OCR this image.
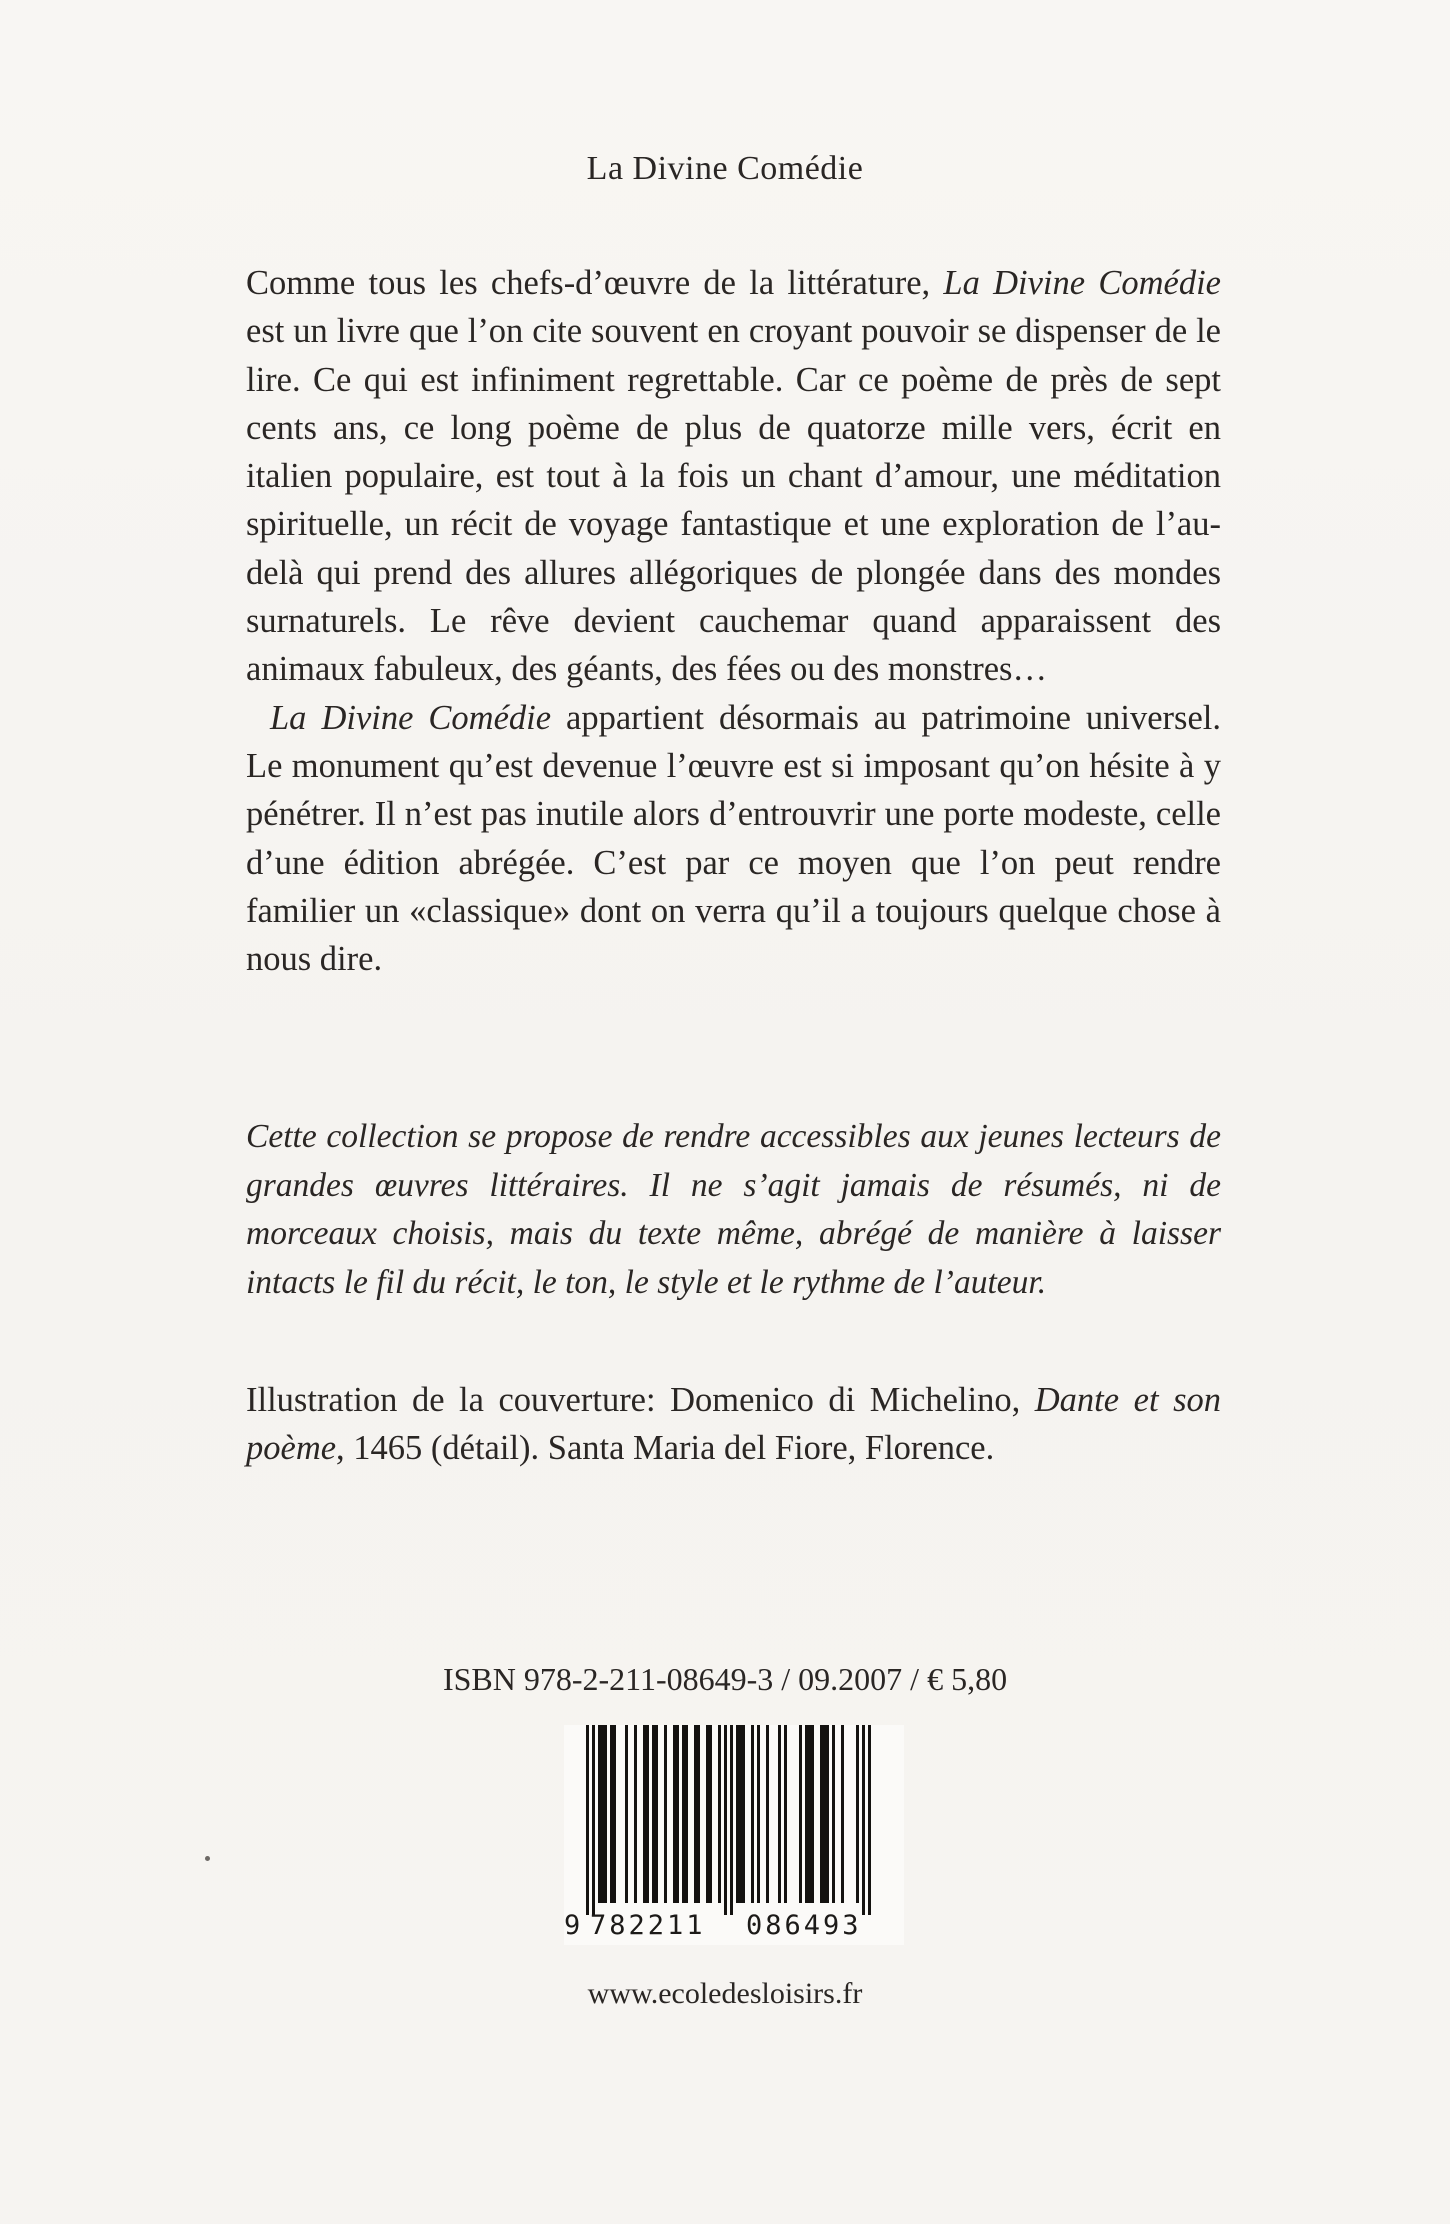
La Divine Comédie

Comme tous les chefs-d’œuvre de la littérature, La Divine Comédie est un livre que l’on cite souvent en croyant pouvoir se dispenser de le lire. Ce qui est infiniment regrettable. Car ce poème de près de sept cents ans, ce long poème de plus de quatorze mille vers, écrit en italien populaire, est tout à la fois un chant d’amour, une méditation spirituelle, un récit de voyage fantastique et une exploration de l’au-delà qui prend des allures allégoriques de plongée dans des mondes surnaturels. Le rêve devient cauchemar quand apparaissent des animaux fabuleux, des géants, des fées ou des monstres…

La Divine Comédie appartient désormais au patrimoine universel. Le monument qu’est devenue l’œuvre est si imposant qu’on hésite à y pénétrer. Il n’est pas inutile alors d’entrouvrir une porte modeste, celle d’une édition abrégée. C’est par ce moyen que l’on peut rendre familier un «classique» dont on verra qu’il a toujours quelque chose à nous dire.

Cette collection se propose de rendre accessibles aux jeunes lecteurs de grandes œuvres littéraires. Il ne s’agit jamais de résumés, ni de morceaux choisis, mais du texte même, abrégé de manière à laisser intacts le fil du récit, le ton, le style et le rythme de l’auteur.

Illustration de la couverture: Domenico di Michelino, Dante et son poème, 1465 (détail). Santa Maria del Fiore, Florence.

ISBN 978-2-211-08649-3 / 09.2007 / € 5,80
9 782211 086493
www.ecoledesloisirs.fr
